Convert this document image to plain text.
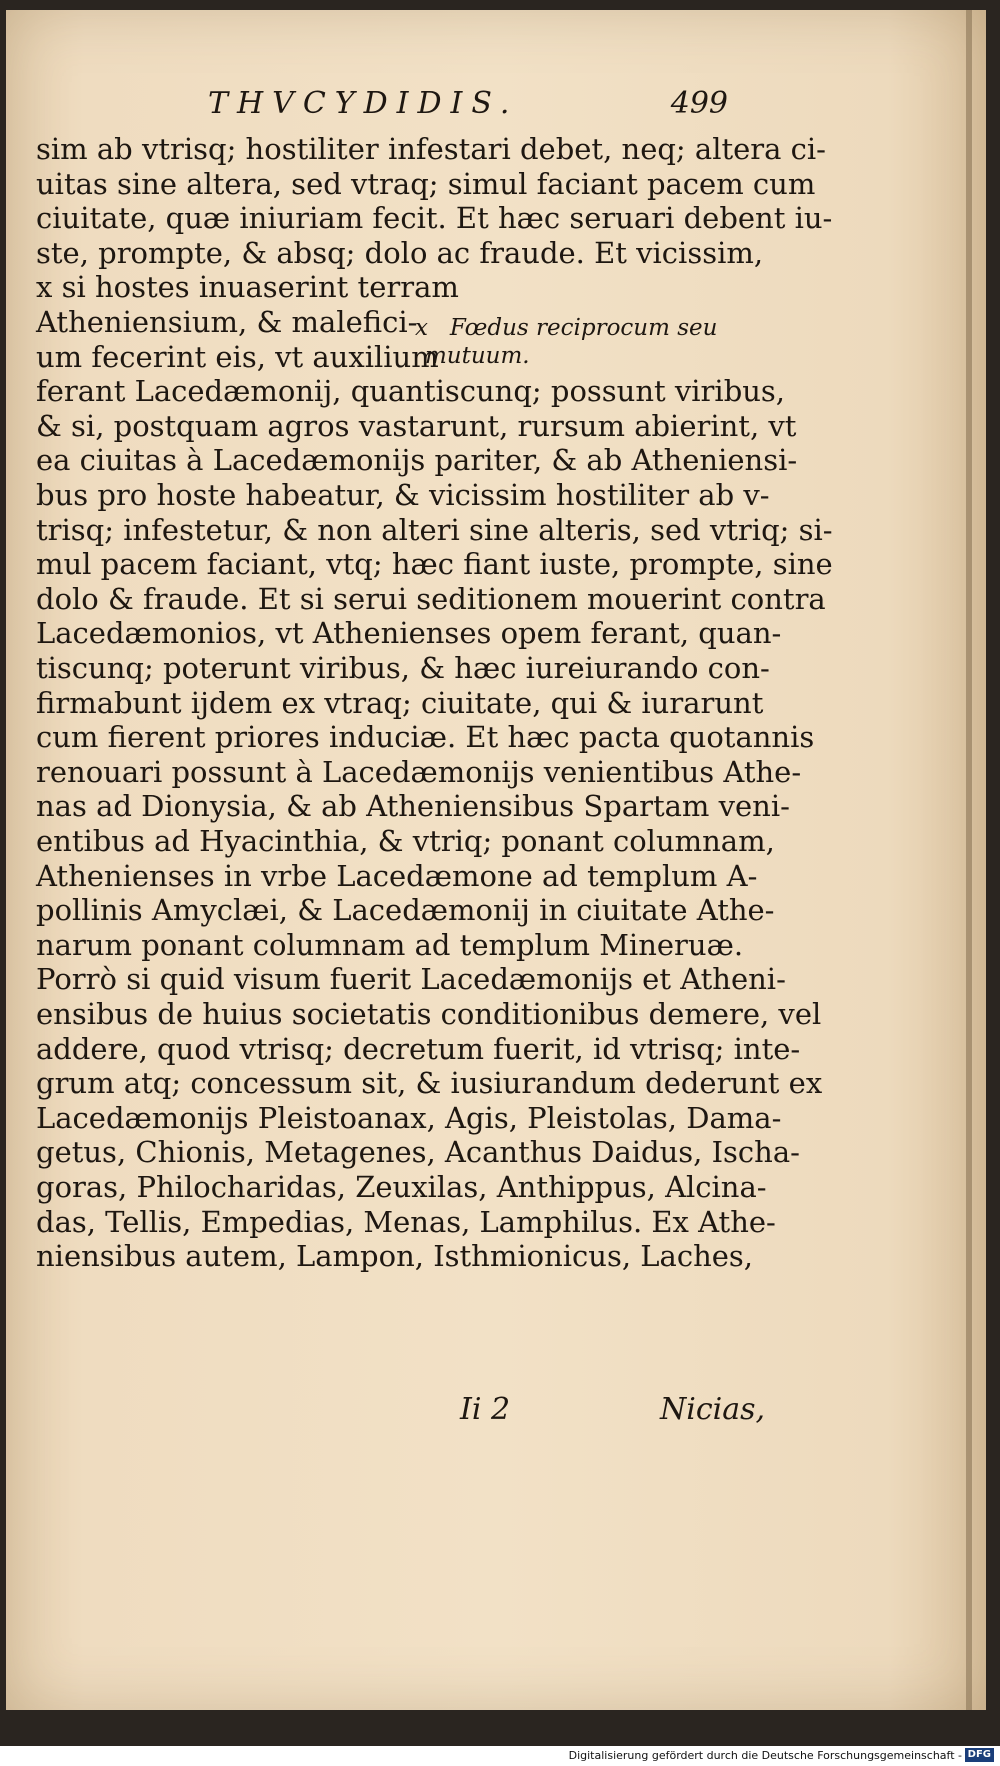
THVCYDIDIS.	499
sim ab vtrisq; hostiliter infestari debet, neq; altera ci-
uitas sine altera, sed vtraq; simul faciant pacem cum
ciuitate, quæ iniuriam fecit. Et hæc seruari debent iu-
ste, prompte, & absq; dolo ac fraude. Et vicissim,
x si hostes inuaserint terram
Atheniensium, & malefici-
um fecerint eis, vt auxilium
ferant Lacedæmonij, quantiscunq; possunt viribus,
& si, postquam agros vastarunt, rursum abierint, vt
ea ciuitas à Lacedæmonijs pariter, & ab Atheniensi-
bus pro hoste habeatur, & vicissim hostiliter ab v-
trisq; infestetur, & non alteri sine alteris, sed vtriq; si-
mul pacem faciant, vtq; hæc fiant iuste, prompte, sine
dolo & fraude. Et si serui seditionem mouerint contra
Lacedæmonios, vt Athenienses opem ferant, quan-
tiscunq; poterunt viribus, & hæc iureiurando con-
firmabunt ijdem ex vtraq; ciuitate, qui & iurarunt
cum fierent priores induciæ. Et hæc pacta quotannis
renouari possunt à Lacedæmonijs venientibus Athe-
nas ad Dionysia, & ab Atheniensibus Spartam veni-
entibus ad Hyacinthia, & vtriq; ponant columnam,
Athenienses in vrbe Lacedæmone ad templum A-
pollinis Amyclæi, & Lacedæmonij in ciuitate Athe-
narum ponant columnam ad templum Mineruæ.
Porrò si quid visum fuerit Lacedæmonijs et Atheni-
ensibus de huius societatis conditionibus demere, vel
addere, quod vtrisq; decretum fuerit, id vtrisq; inte-
grum atq; concessum sit, & iusiurandum dederunt ex
Lacedæmonijs Pleistoanax, Agis, Pleistolas, Dama-
getus, Chionis, Metagenes, Acanthus Daidus, Ischa-
goras, Philocharidas, Zeuxilas, Anthippus, Alcina-
das, Tellis, Empedias, Menas, Lamphilus. Ex Athe-
niensibus autem, Lampon, Isthmionicus, Laches,
x Fœdus reciprocum seu
mutuum.
Ii 2	Nicias,
Digitalisierung gefördert durch die Deutsche Forschungsgemeinschaft - DFG
